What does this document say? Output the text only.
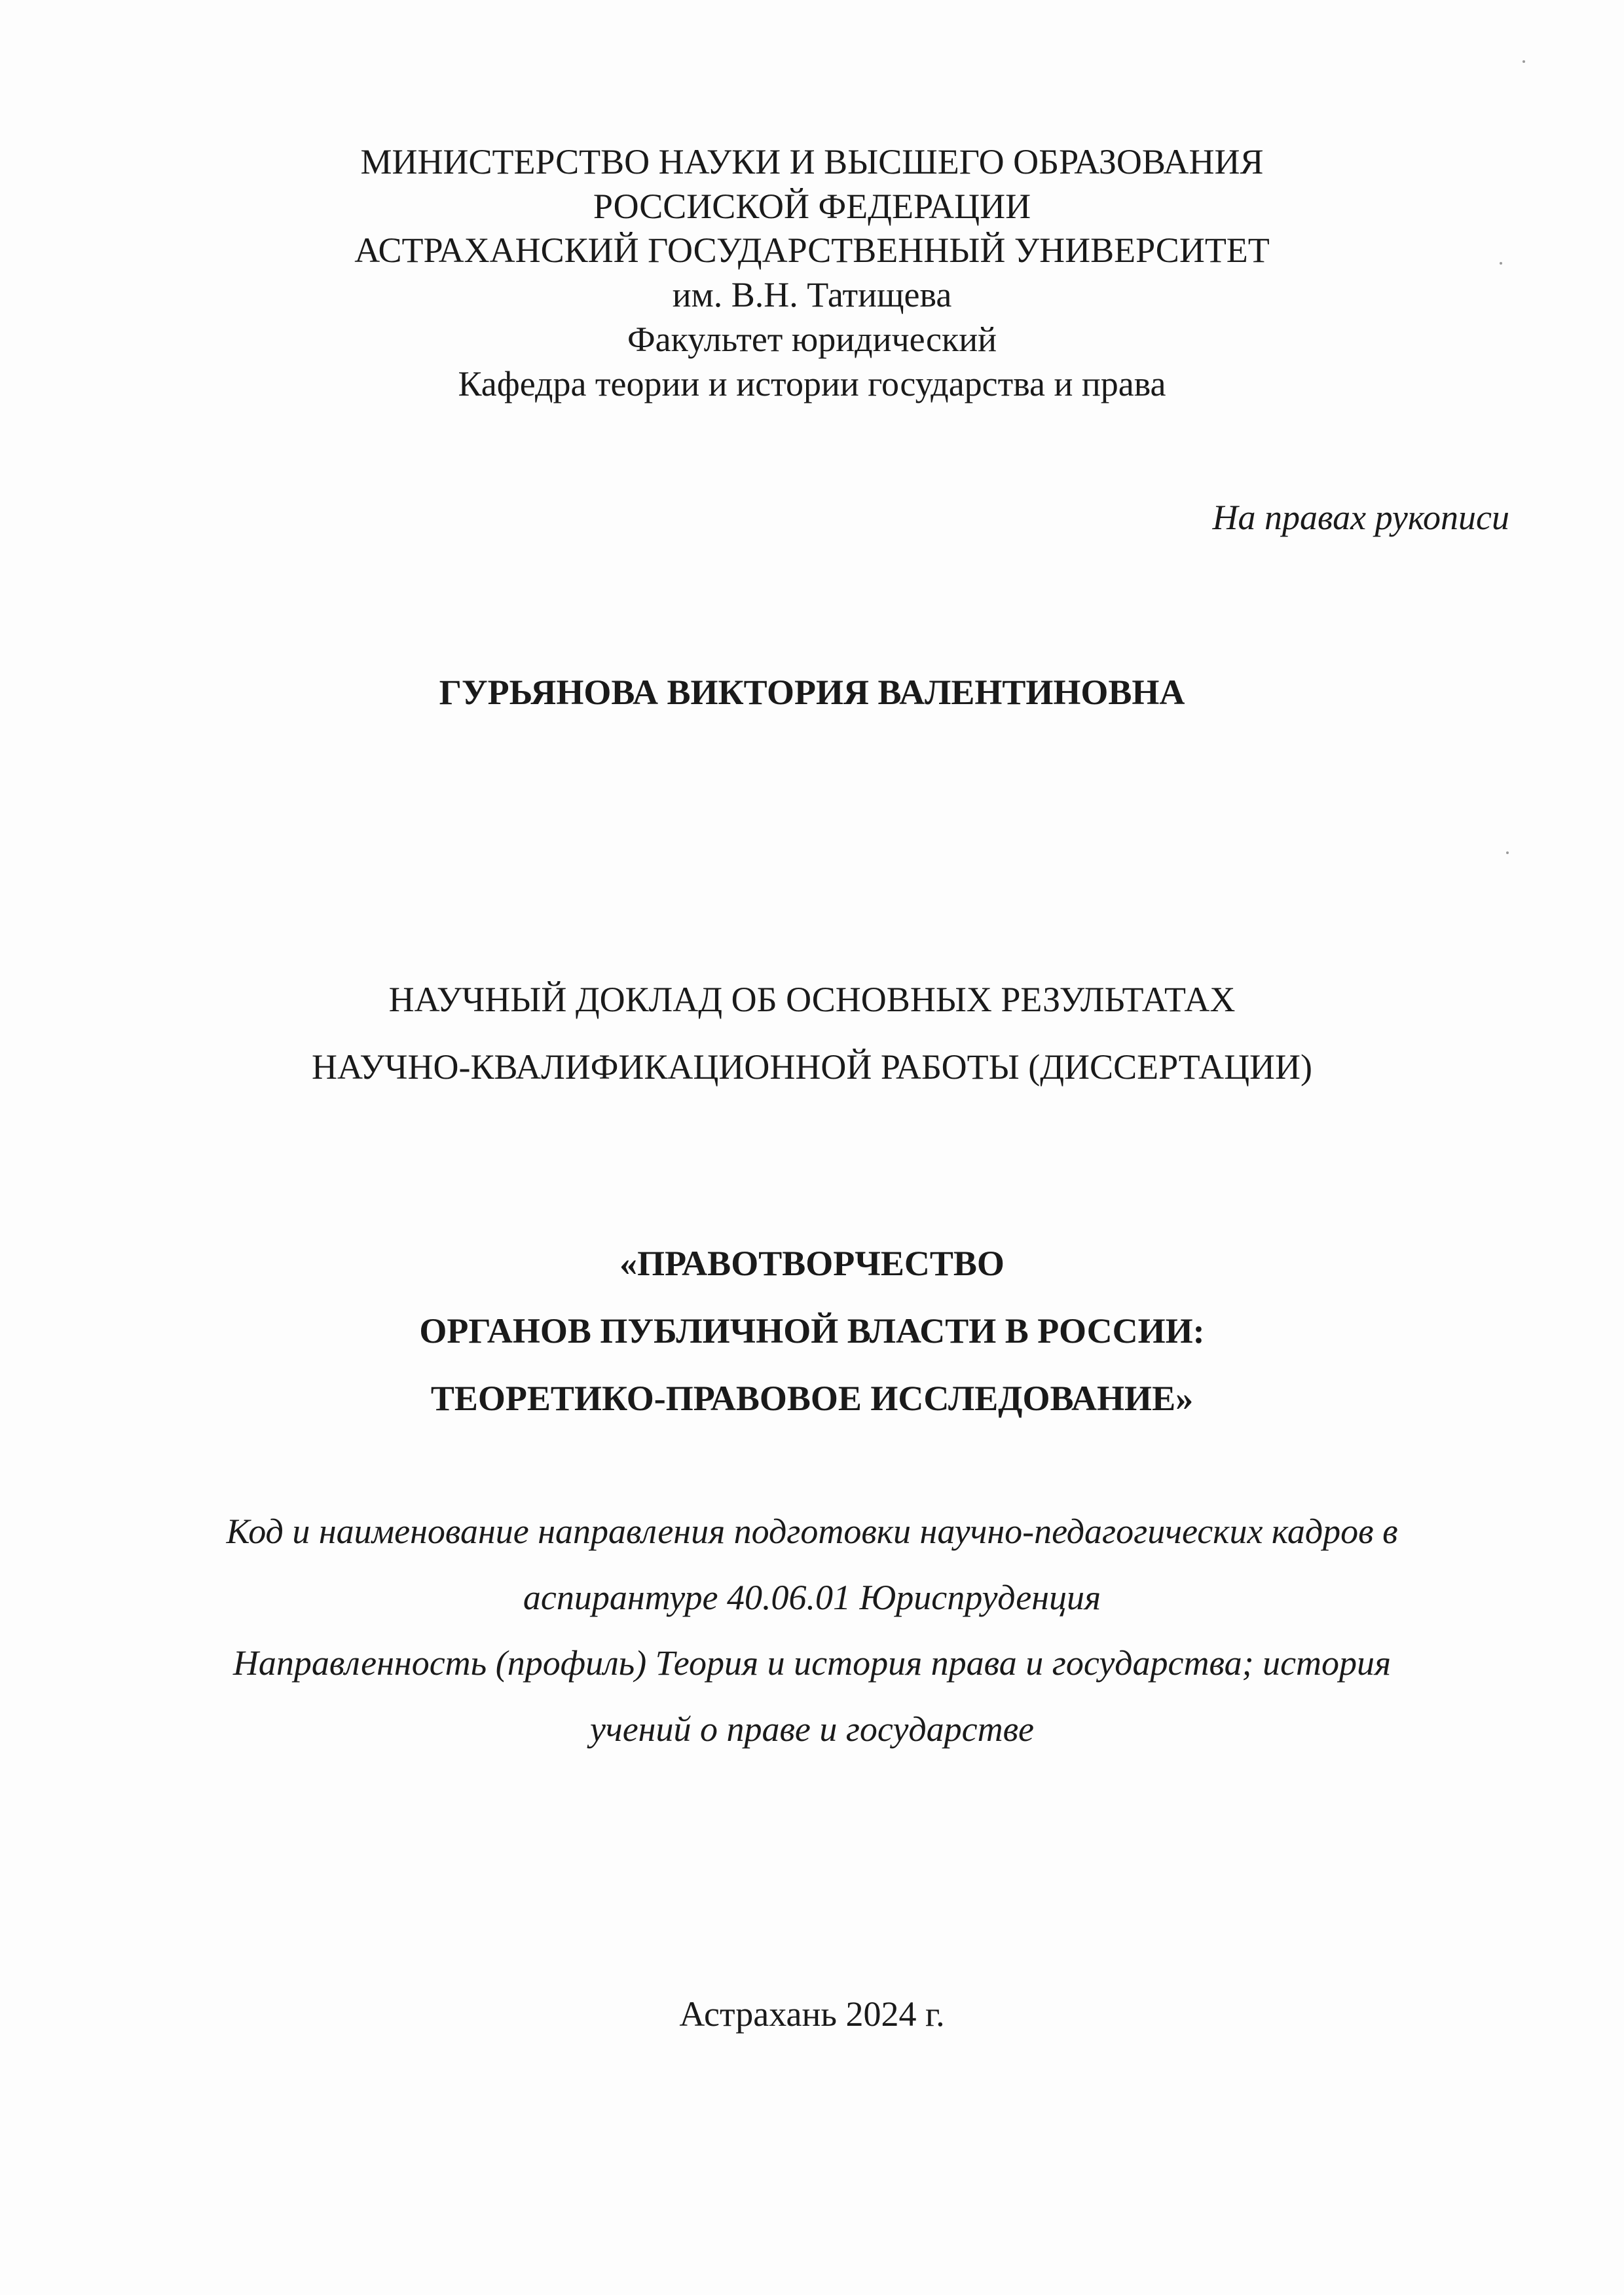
МИНИСТЕРСТВО НАУКИ И ВЫСШЕГО ОБРАЗОВАНИЯ
РОССИСКОЙ ФЕДЕРАЦИИ
АСТРАХАНСКИЙ ГОСУДАРСТВЕННЫЙ УНИВЕРСИТЕТ
им. В.Н. Татищева
Факультет юридический
Кафедра теории и истории государства и права
На правах рукописи
ГУРЬЯНОВА ВИКТОРИЯ ВАЛЕНТИНОВНА
НАУЧНЫЙ ДОКЛАД ОБ ОСНОВНЫХ РЕЗУЛЬТАТАХ
НАУЧНО-КВАЛИФИКАЦИОННОЙ РАБОТЫ (ДИССЕРТАЦИИ)
«ПРАВОТВОРЧЕСТВО
ОРГАНОВ ПУБЛИЧНОЙ ВЛАСТИ В РОССИИ:
ТЕОРЕТИКО-ПРАВОВОЕ ИССЛЕДОВАНИЕ»
Код и наименование направления подготовки научно-педагогических кадров в
аспирантуре 40.06.01 Юриспруденция
Направленность (профиль) Теория и история права и государства; история
учений о праве и государстве
Астрахань 2024 г.
